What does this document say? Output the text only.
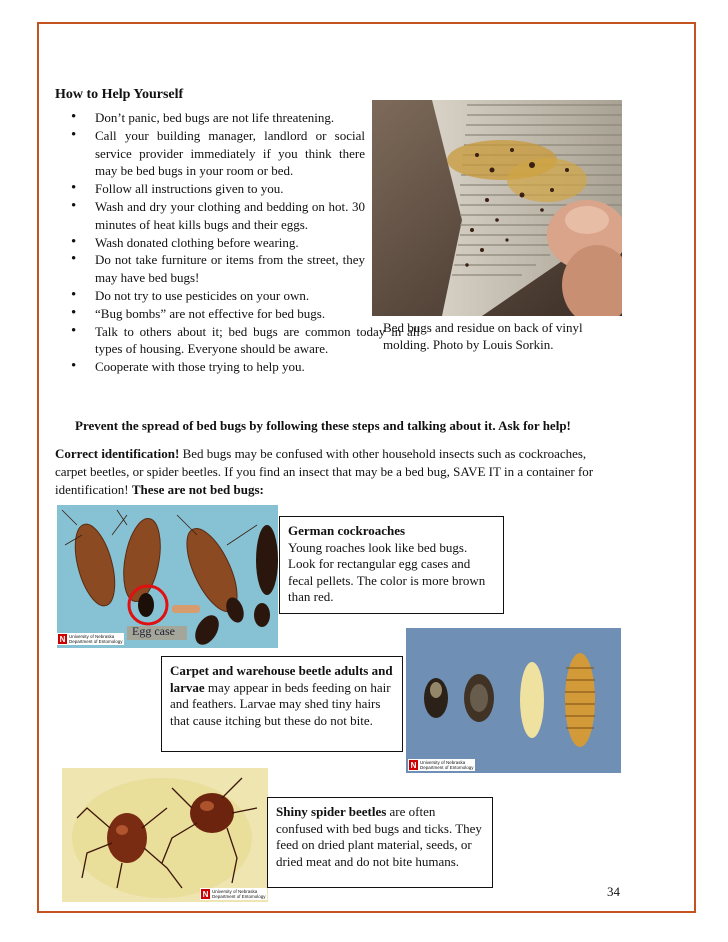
How to Help Yourself
• Don’t panic, bed bugs are not life threatening.
• Call your building manager, landlord or social service provider immediately if you think there may be bed bugs in your room or bed.
• Follow all instructions given to you.
• Wash and dry your clothing and bedding on hot. 30 minutes of heat kills bugs and their eggs.
• Wash donated clothing before wearing.
• Do not take furniture or items from the street, they may have bed bugs!
• Do not try to use pesticides on your own.
• “Bug bombs” are not effective for bed bugs.
• Talk to others about it; bed bugs are common today in all types of housing. Everyone should be aware.
• Cooperate with those trying to help you.
Bed bugs and residue on back of vinyl molding. Photo by Louis Sorkin.
Prevent the spread of bed bugs by following these steps and talking about it. Ask for help!
Correct identification! Bed bugs may be confused with other household insects such as cockroaches, carpet beetles, or spider beetles. If you find an insect that may be a bed bug, SAVE IT in a container for identification! These are not bed bugs:
Egg case
N University of Nebraska
Department of Entomology
German cockroaches
Young roaches look like bed bugs. Look for rectangular egg cases and fecal pellets. The color is more brown than red.
N University of Nebraska
Department of Entomology
Carpet and warehouse beetle adults and larvae may appear in beds feeding on hair and feathers. Larvae may shed tiny hairs that cause itching but these do not bite.
N University of Nebraska
Department of Entomology
Shiny spider beetles are often confused with bed bugs and ticks. They feed on dried plant material, seeds, or dried meat and do not bite humans.
34
